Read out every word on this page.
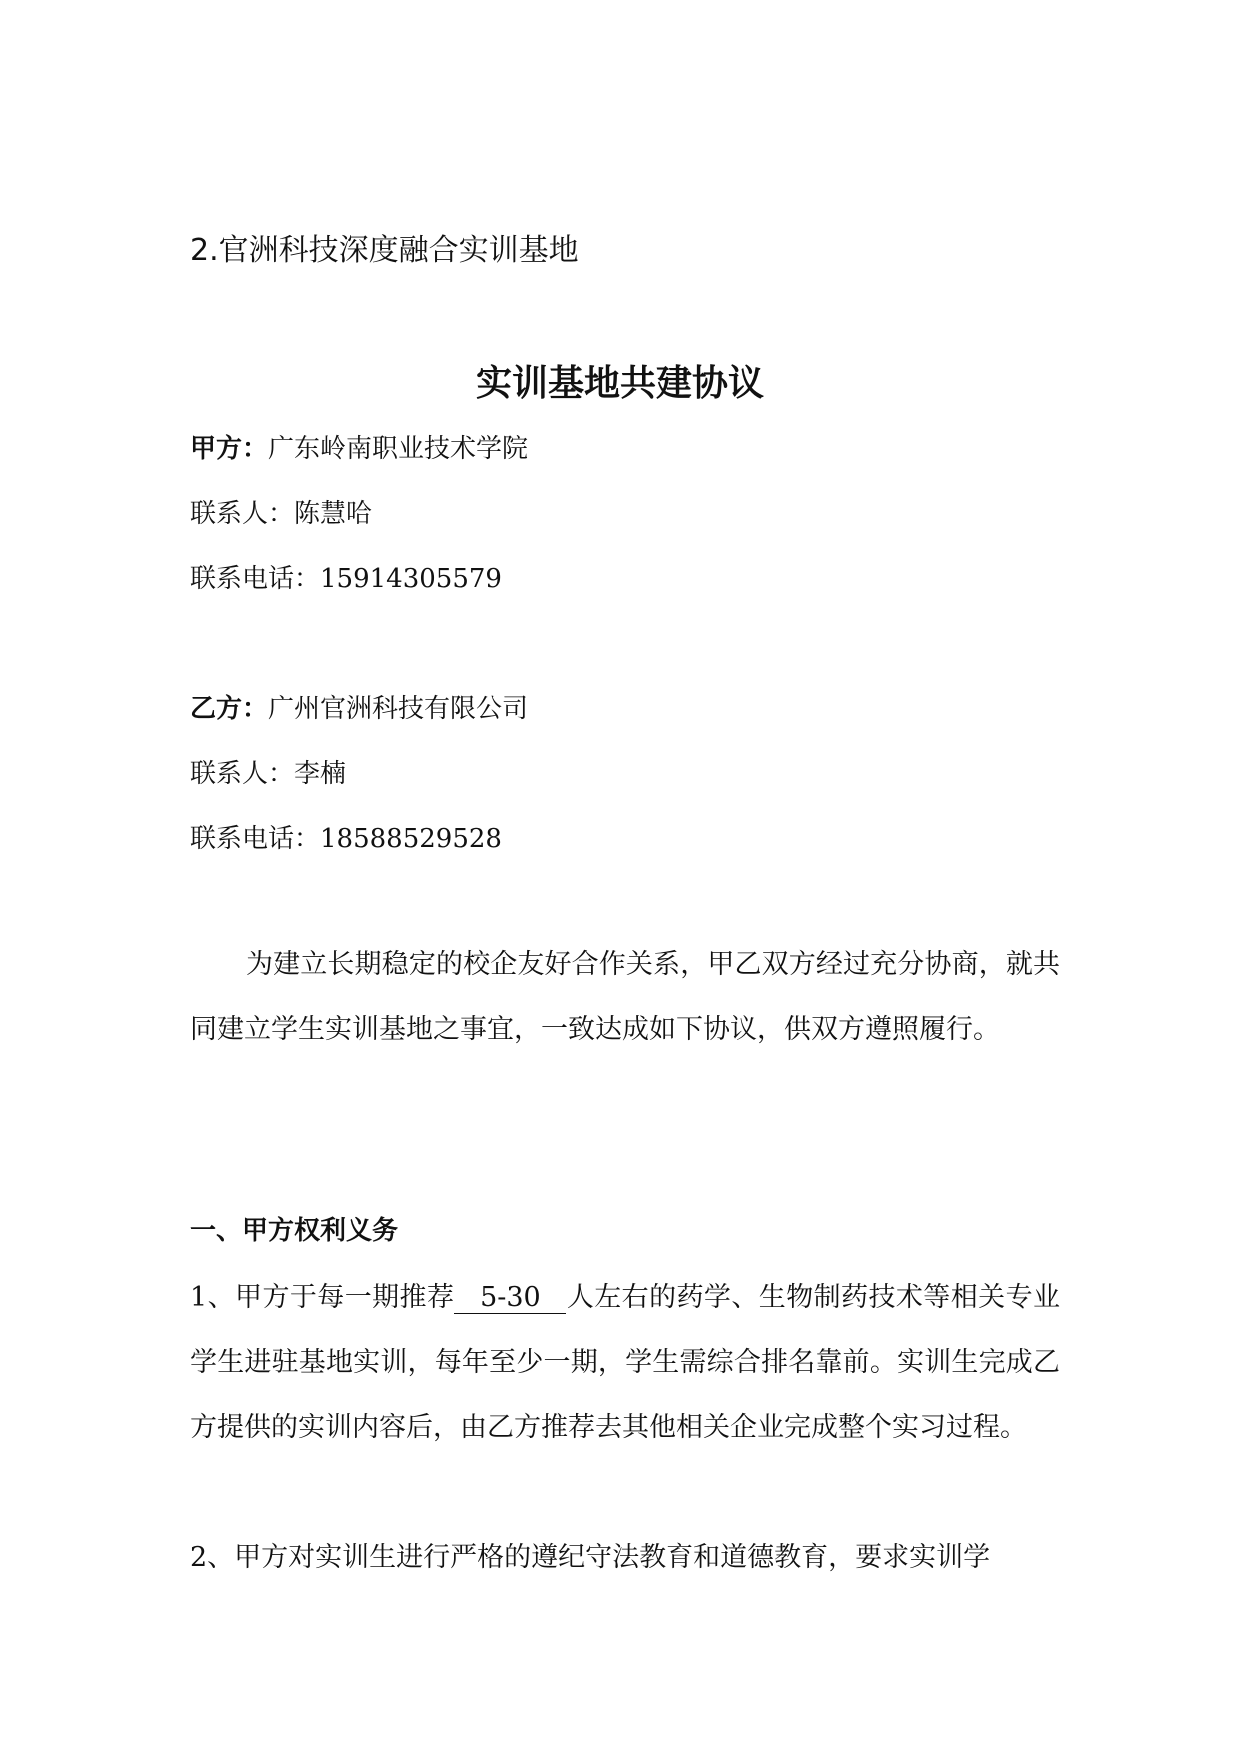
2.官洲科技深度融合实训基地
实训基地共建协议
甲方：广东岭南职业技术学院
联系人：陈慧哈
联系电话：15914305579
乙方：广州官洲科技有限公司
联系人：李楠
联系电话：18588529528
为建立长期稳定的校企友好合作关系，甲乙双方经过充分协商，就共同建立学生实训基地之事宜，一致达成如下协议，供双方遵照履行。
一、甲方权利义务
1、甲方于每一期推荐 5-30 人左右的药学、生物制药技术等相关专业学生进驻基地实训，每年至少一期，学生需综合排名靠前。实训生完成乙方提供的实训内容后，由乙方推荐去其他相关企业完成整个实习过程。
2、甲方对实训生进行严格的遵纪守法教育和道德教育，要求实训学
